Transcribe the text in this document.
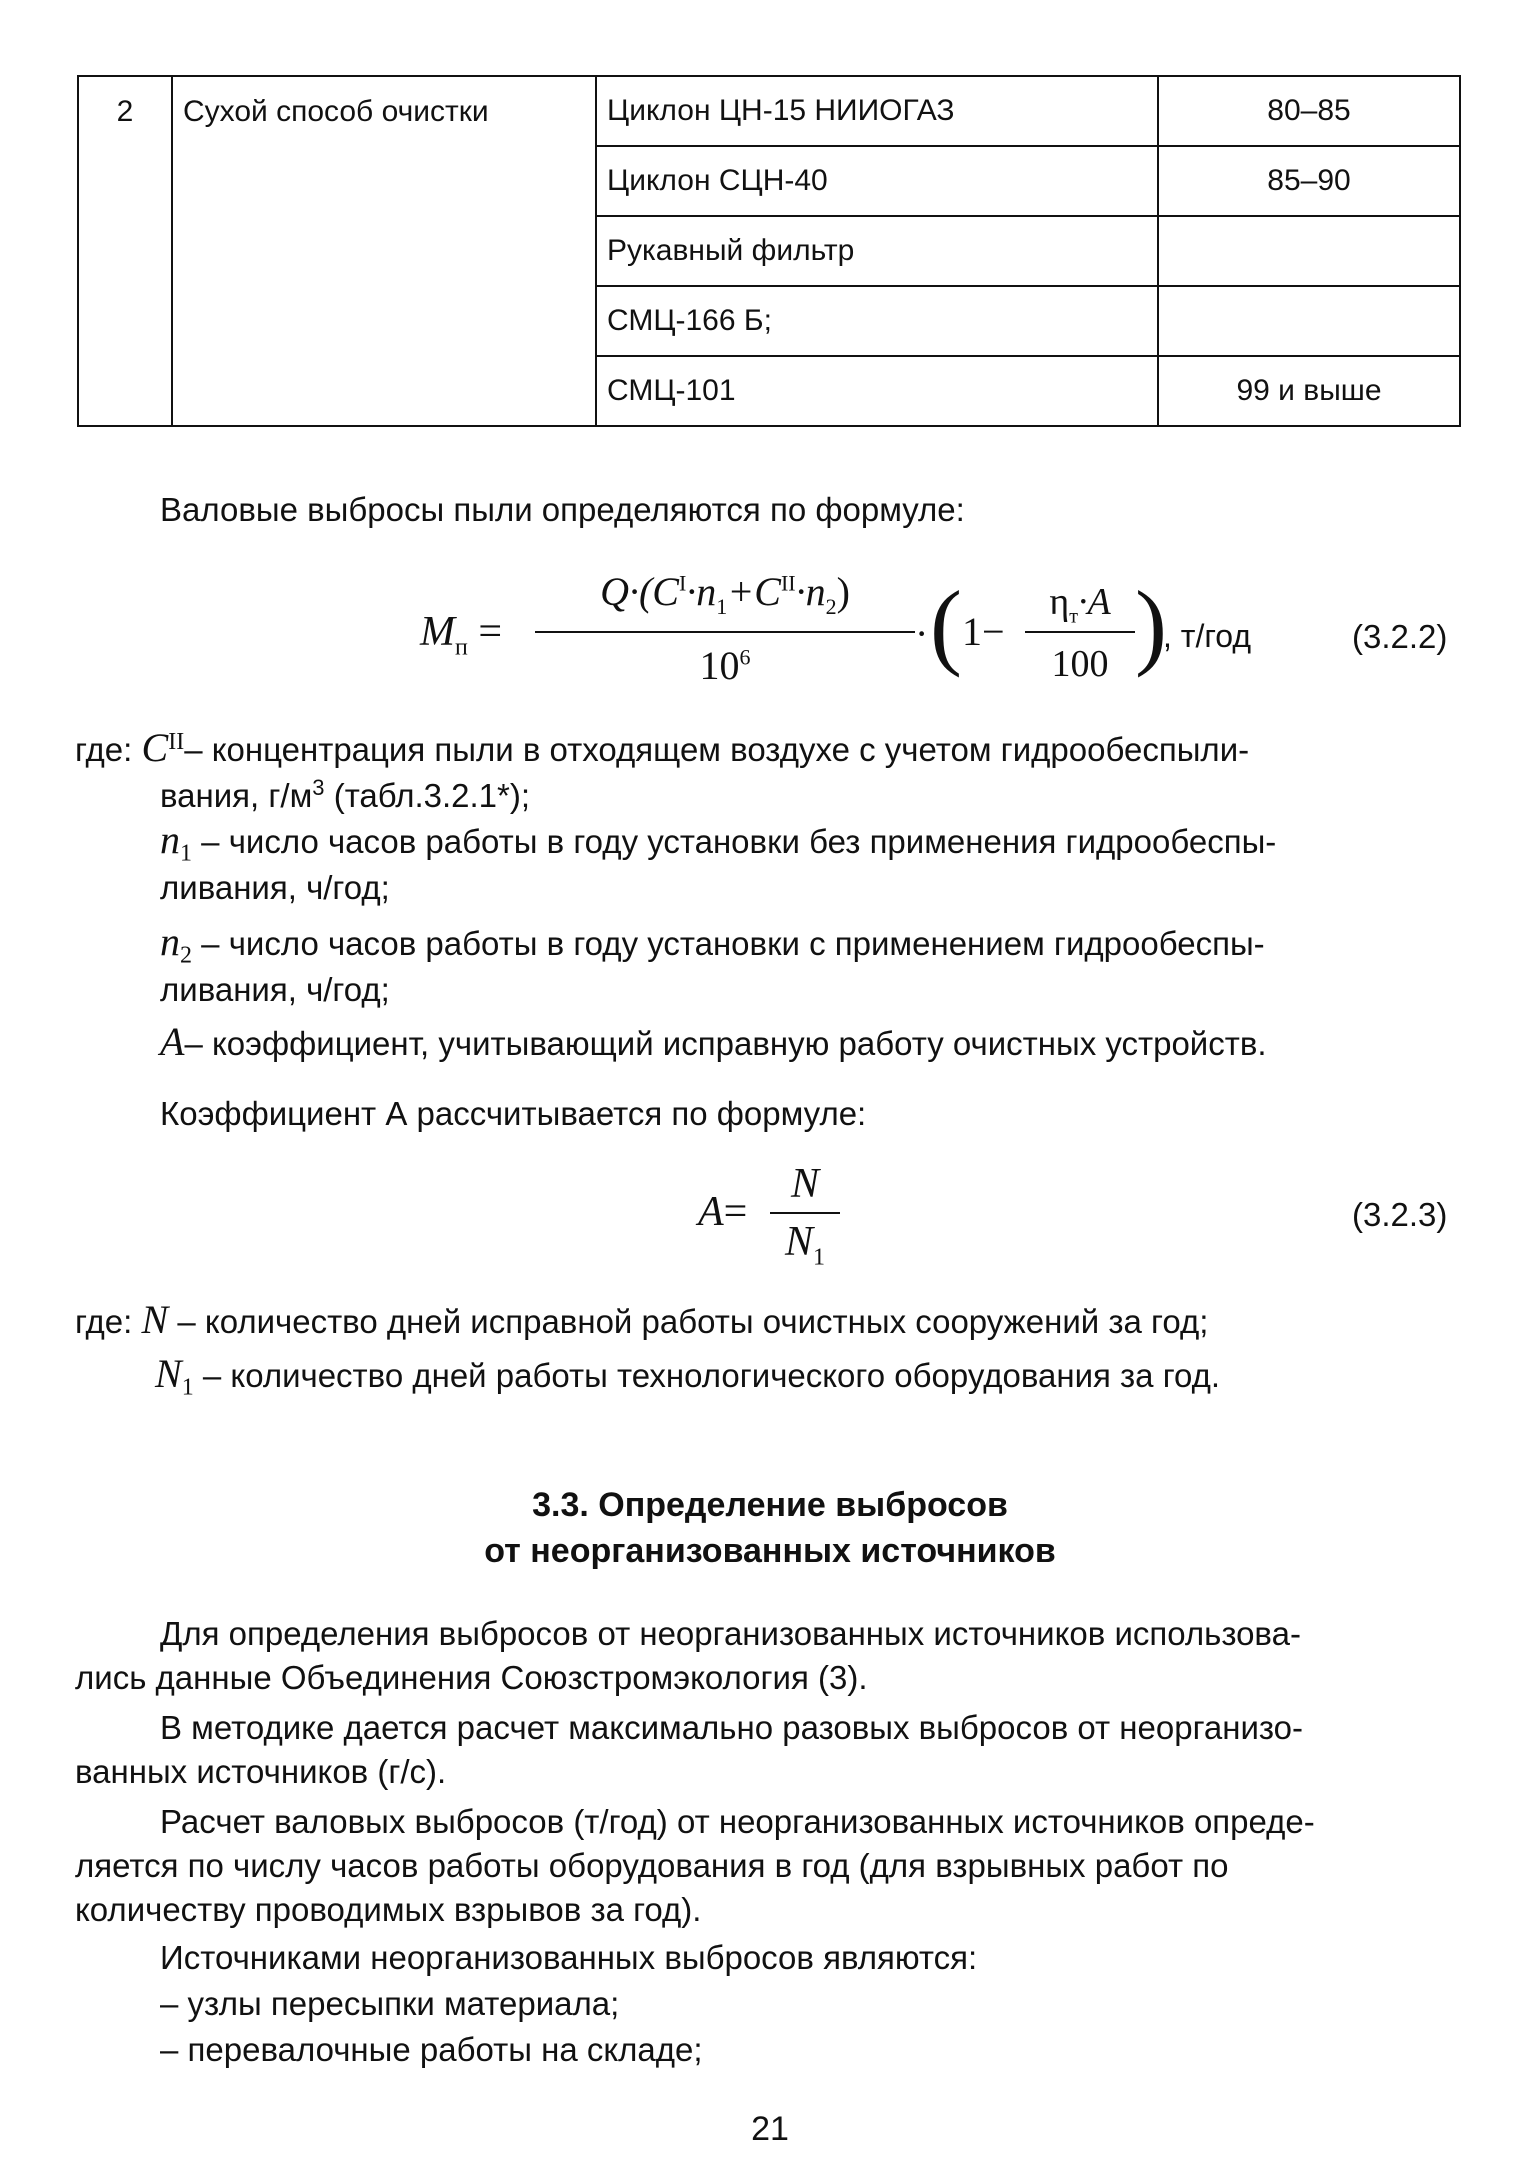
2	Сухой способ очистки	Циклон ЦН-15 НИИОГАЗ	80–85
		Циклон СЦН-40	85–90
		Рукавный фильтр	
		СМЦ-166 Б;	
		СМЦ-101	99 и выше
Валовые выбросы пыли определяются по формуле:
$M_п$ =
$Q\cdot(C^I\cdot n_1+C^{II}\cdot n_2)$
$10^6$
· ( 1−
$\eta_т\cdot A$
100 )
, т/год	(3.2.2)
где: $C^{II}-$ концентрация пыли в отходящем воздухе с учетом гидрообеспыли-
вания, $г/м^3$ (табл.3.2.1*);
$n_1$ – число часов работы в году установки без применения гидрообеспы-
ливания, ч/год;
$n_2$ – число часов работы в году установки с применением гидрообеспы-
ливания, ч/год;
A– коэффициент, учитывающий исправную работу очистных устройств.
Коэффициент А рассчитывается по формуле:
A=
N
$N_1$
(3.2.3)
где: N – количество дней исправной работы очистных сооружений за год;
$N_1$ – количество дней работы технологического оборудования за год.
3.3. Определение выбросов
от неорганизованных источников
Для определения выбросов от неорганизованных источников использова-
лись данные Объединения Союзстромэкология (3).
В методике дается расчет максимально разовых выбросов от неорганизо-
ванных источников (г/с).
Расчет валовых выбросов (т/год) от неорганизованных источников опреде-
ляется по числу часов работы оборудования в год (для взрывных работ по
количеству проводимых взрывов за год).
Источниками неорганизованных выбросов являются:
– узлы пересыпки материала;
– перевалочные работы на складе;
21
